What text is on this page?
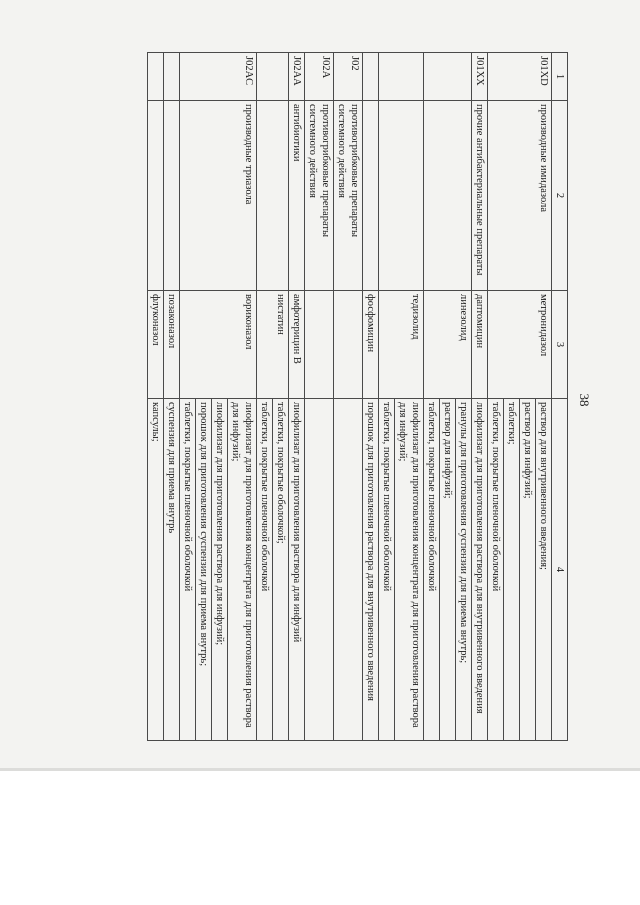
38
1	2	3	4
J01XD	производные имидазола	метронидазол	раствор для внутривенного введения;
			раствор для инфузий;
			таблетки;
			таблетки, покрытые пленочной оболочкой
J01XX	прочие антибактериальные препараты	даптомицин	лиофилизат для приготовления раствора для внутривенного введения
		линезолид	гранулы для приготовления суспензии для приема внутрь;
			раствор для инфузий;
			таблетки, покрытые пленочной оболочкой
		тедизолид	лиофилизат для приготовления концентрата для приготовления раствора для инфузий;
			таблетки, покрытые пленочной оболочкой
		фосфомицин	порошок для приготовления раствора для внутривенного введения
J02	противогрибковые препараты системного действия		
J02A	противогрибковые препараты системного действия		
J02AA	антибиотики	амфотерицин В	лиофилизат для приготовления раствора для инфузий
		нистатин	таблетки, покрытые оболочкой;
			таблетки, покрытые пленочной оболочкой
J02AC	производные триазола	вориконазол	лиофилизат для приготовления концентрата для приготовления раствора для инфузий;
			лиофилизат для приготовления раствора для инфузий;
			порошок для приготовления суспензии для приема внутрь;
			таблетки, покрытые пленочной оболочкой
		позаконазол	суспензия для приема внутрь
		флуконазол	капсулы;
